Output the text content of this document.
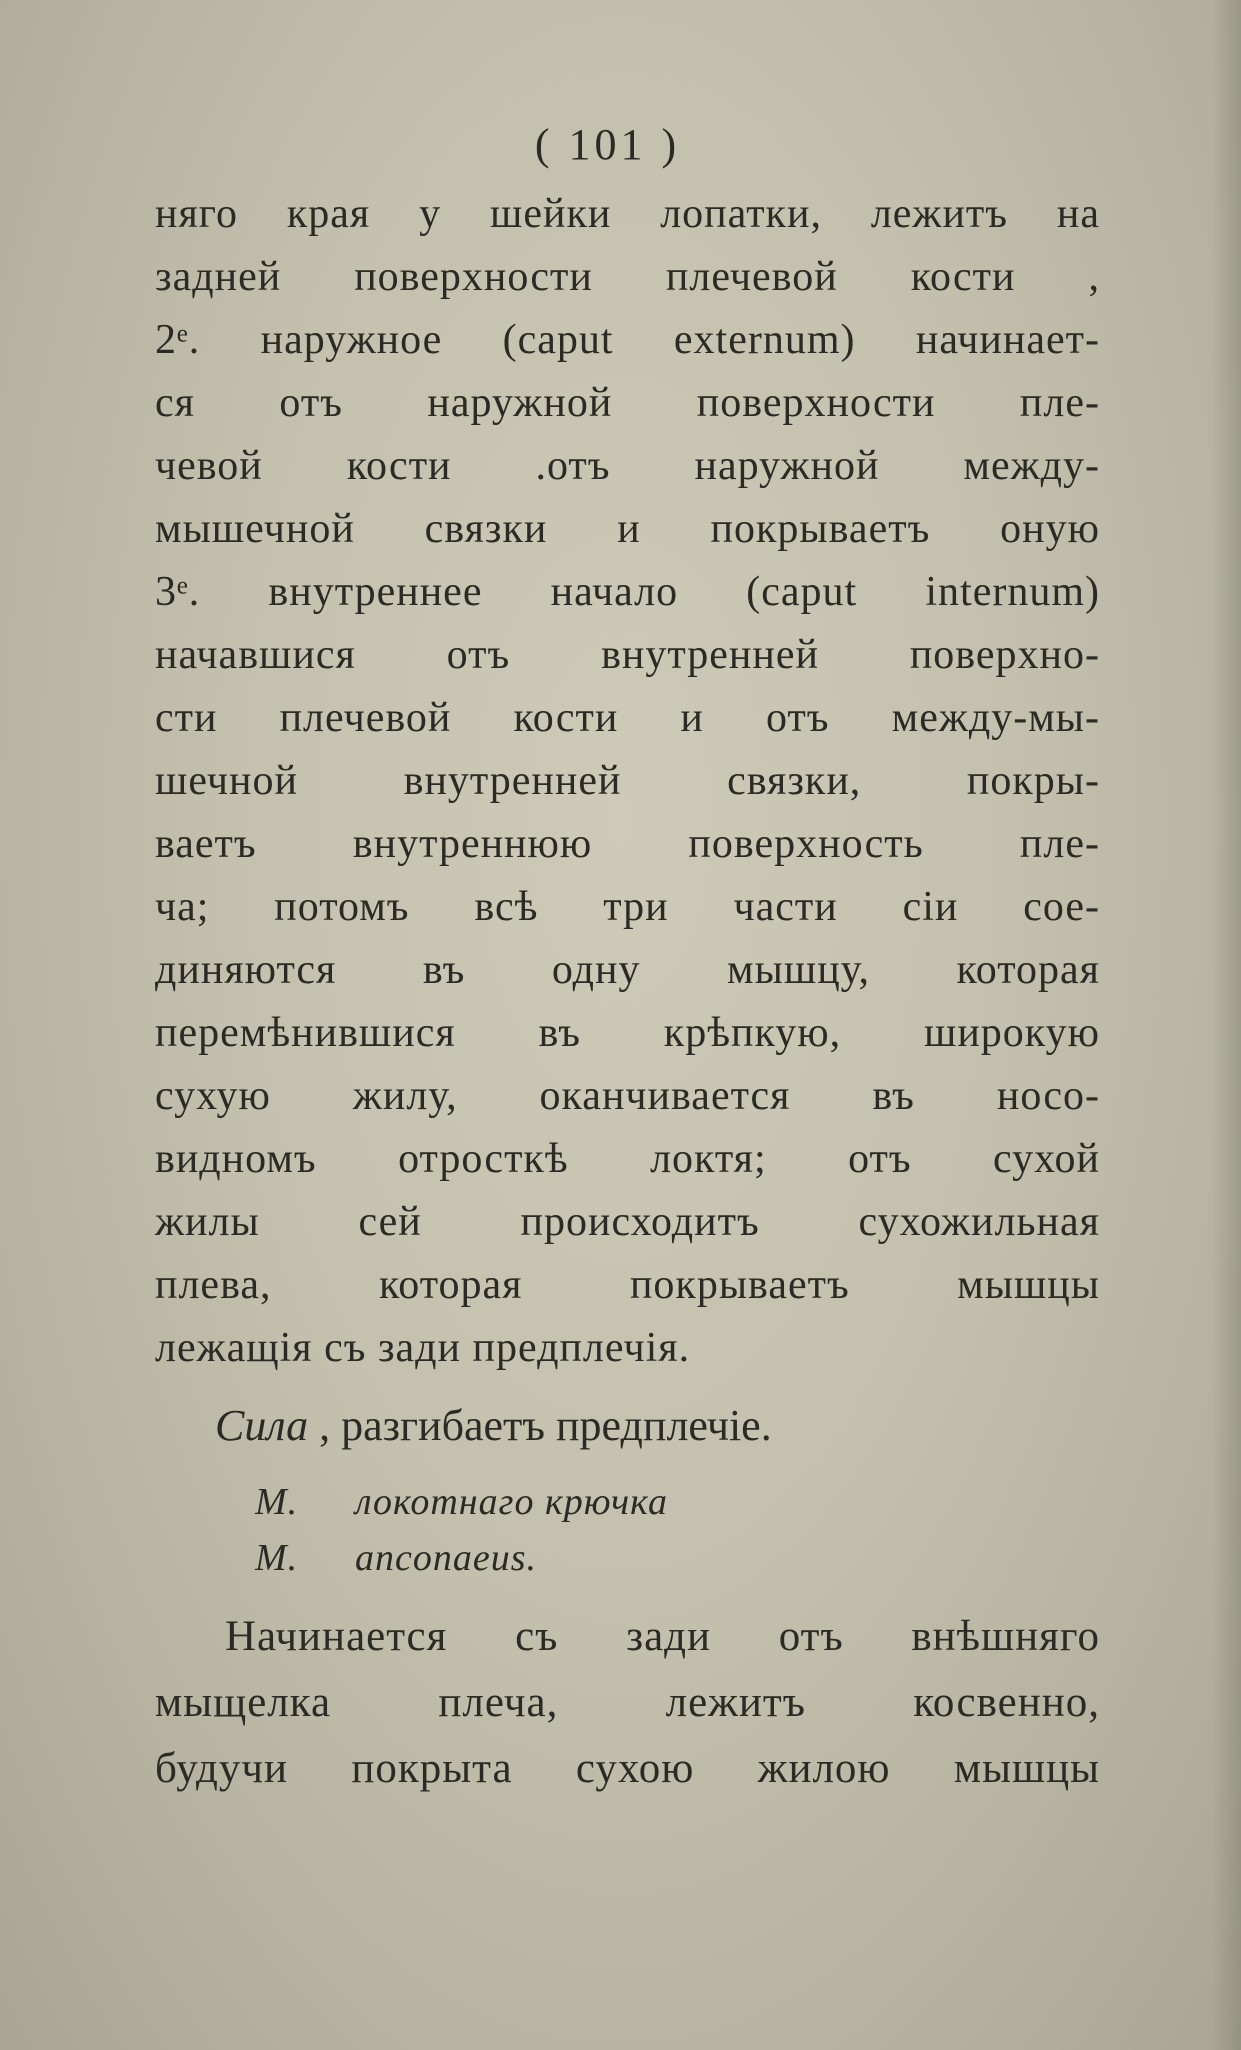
( 101 )
няго края у шейки лопатки, лежитъ на
задней поверхности плечевой кости ,
2ᵉ. наружное (caput externum) начинает-
ся отъ наружной поверхности пле-
чевой кости .отъ наружной между-
мышечной связки и покрываетъ оную
3ᵉ. внутреннее начало (caput internum)
начавшися отъ внутренней поверхно-
сти плечевой кости и отъ между-мы-
шечной внутренней связки, покры-
ваетъ внутреннюю поверхность пле-
ча; потомъ всѣ три части сіи сое-
диняются въ одну мышцу, которая
перемѣнившися въ крѣпкую, широкую
сухую жилу, оканчивается въ носо-
видномъ отросткѣ локтя; отъ сухой
жилы сей происходитъ сухожильная
плева, которая покрываетъ мышцы
лежащія съ зади предплечія.
Сила , разгибаетъ предплечіе.
M. локотнаго крючка
M. anconaeus.
Начинается съ зади отъ внѣшняго
мыщелка плеча, лежитъ косвенно,
будучи покрыта сухою жилою мышцы
